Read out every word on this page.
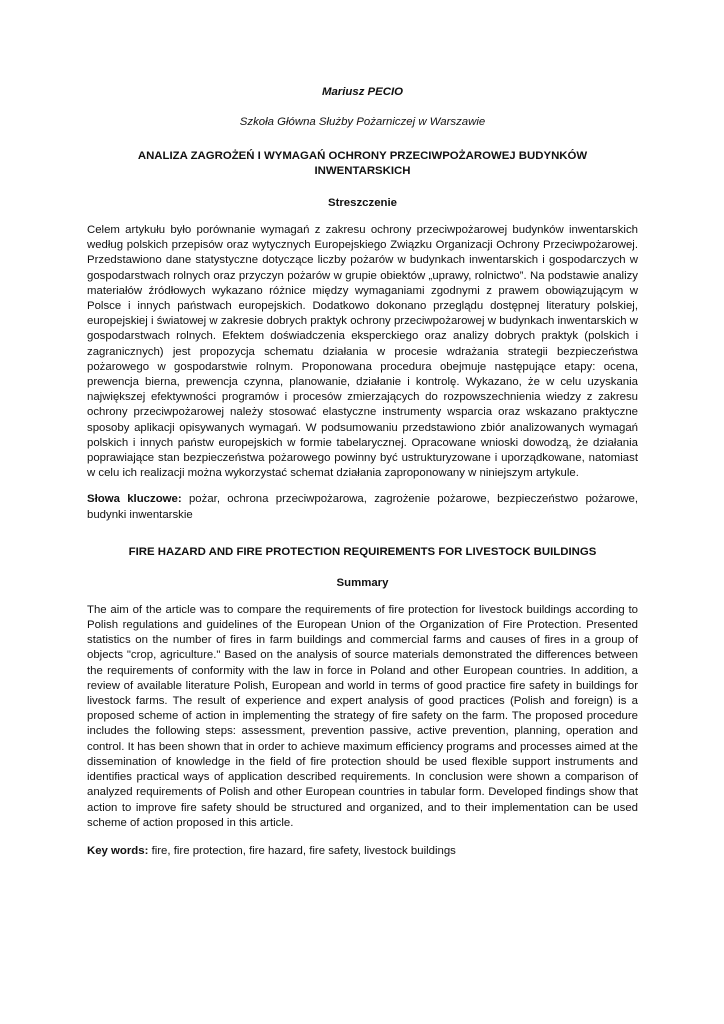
Mariusz PECIO

Szkoła Główna Służby Pożarniczej w Warszawie

ANALIZA ZAGROŻEŃ I WYMAGAŃ OCHRONY PRZECIWPOŻAROWEJ BUDYNKÓW INWENTARSKICH
Streszczenie

Celem artykułu było porównanie wymagań z zakresu ochrony przeciwpożarowej budynków inwentarskich według polskich przepisów oraz wytycznych Europejskiego Związku Organizacji Ochrony Przeciwpożarowej. Przedstawiono dane statystyczne dotyczące liczby pożarów w budynkach inwentarskich i gospodarczych w gospodarstwach rolnych oraz przyczyn pożarów w grupie obiektów „uprawy, rolnictwo”. Na podstawie analizy materiałów źródłowych wykazano różnice między wymaganiami zgodnymi z prawem obowiązującym w Polsce i innych państwach europejskich. Dodatkowo dokonano przeglądu dostępnej literatury polskiej, europejskiej i światowej w zakresie dobrych praktyk ochrony przeciwpożarowej w budynkach inwentarskich w gospodarstwach rolnych. Efektem doświadczenia eksperckiego oraz analizy dobrych praktyk (polskich i zagranicznych) jest propozycja schematu działania w procesie wdrażania strategii bezpieczeństwa pożarowego w gospodarstwie rolnym. Proponowana procedura obejmuje następujące etapy: ocena, prewencja bierna, prewencja czynna, planowanie, działanie i kontrolę. Wykazano, że w celu uzyskania największej efektywności programów i procesów zmierzających do rozpowszechnienia wiedzy z zakresu ochrony przeciwpożarowej należy stosować elastyczne instrumenty wsparcia oraz wskazano praktyczne sposoby aplikacji opisywanych wymagań. W podsumowaniu przedstawiono zbiór analizowanych wymagań polskich i innych państw europejskich w formie tabelarycznej. Opracowane wnioski dowodzą, że działania poprawiające stan bezpieczeństwa pożarowego powinny być ustrukturyzowane i uporządkowane, natomiast w celu ich realizacji można wykorzystać schemat działania zaproponowany w niniejszym artykule.

Słowa kluczowe: pożar, ochrona przeciwpożarowa, zagrożenie pożarowe, bezpieczeństwo pożarowe, budynki inwentarskie

FIRE HAZARD AND FIRE PROTECTION REQUIREMENTS FOR LIVESTOCK BUILDINGS
Summary

The aim of the article was to compare the requirements of fire protection for livestock buildings according to Polish regulations and guidelines of the European Union of the Organization of Fire Protection. Presented statistics on the number of fires in farm buildings and commercial farms and causes of fires in a group of objects "crop, agriculture." Based on the analysis of source materials demonstrated the differences between the requirements of conformity with the law in force in Poland and other European countries. In addition, a review of available literature Polish, European and world in terms of good practice fire safety in buildings for livestock farms. The result of experience and expert analysis of good practices (Polish and foreign) is a proposed scheme of action in implementing the strategy of fire safety on the farm. The proposed procedure includes the following steps: assessment, prevention passive, active prevention, planning, operation and control. It has been shown that in order to achieve maximum efficiency programs and processes aimed at the dissemination of knowledge in the field of fire protection should be used flexible support instruments and identifies practical ways of application described requirements. In conclusion were shown a comparison of analyzed requirements of Polish and other European countries in tabular form. Developed findings show that action to improve fire safety should be structured and organized, and to their implementation can be used scheme of action proposed in this article.

Key words: fire, fire protection, fire hazard, fire safety, livestock buildings
